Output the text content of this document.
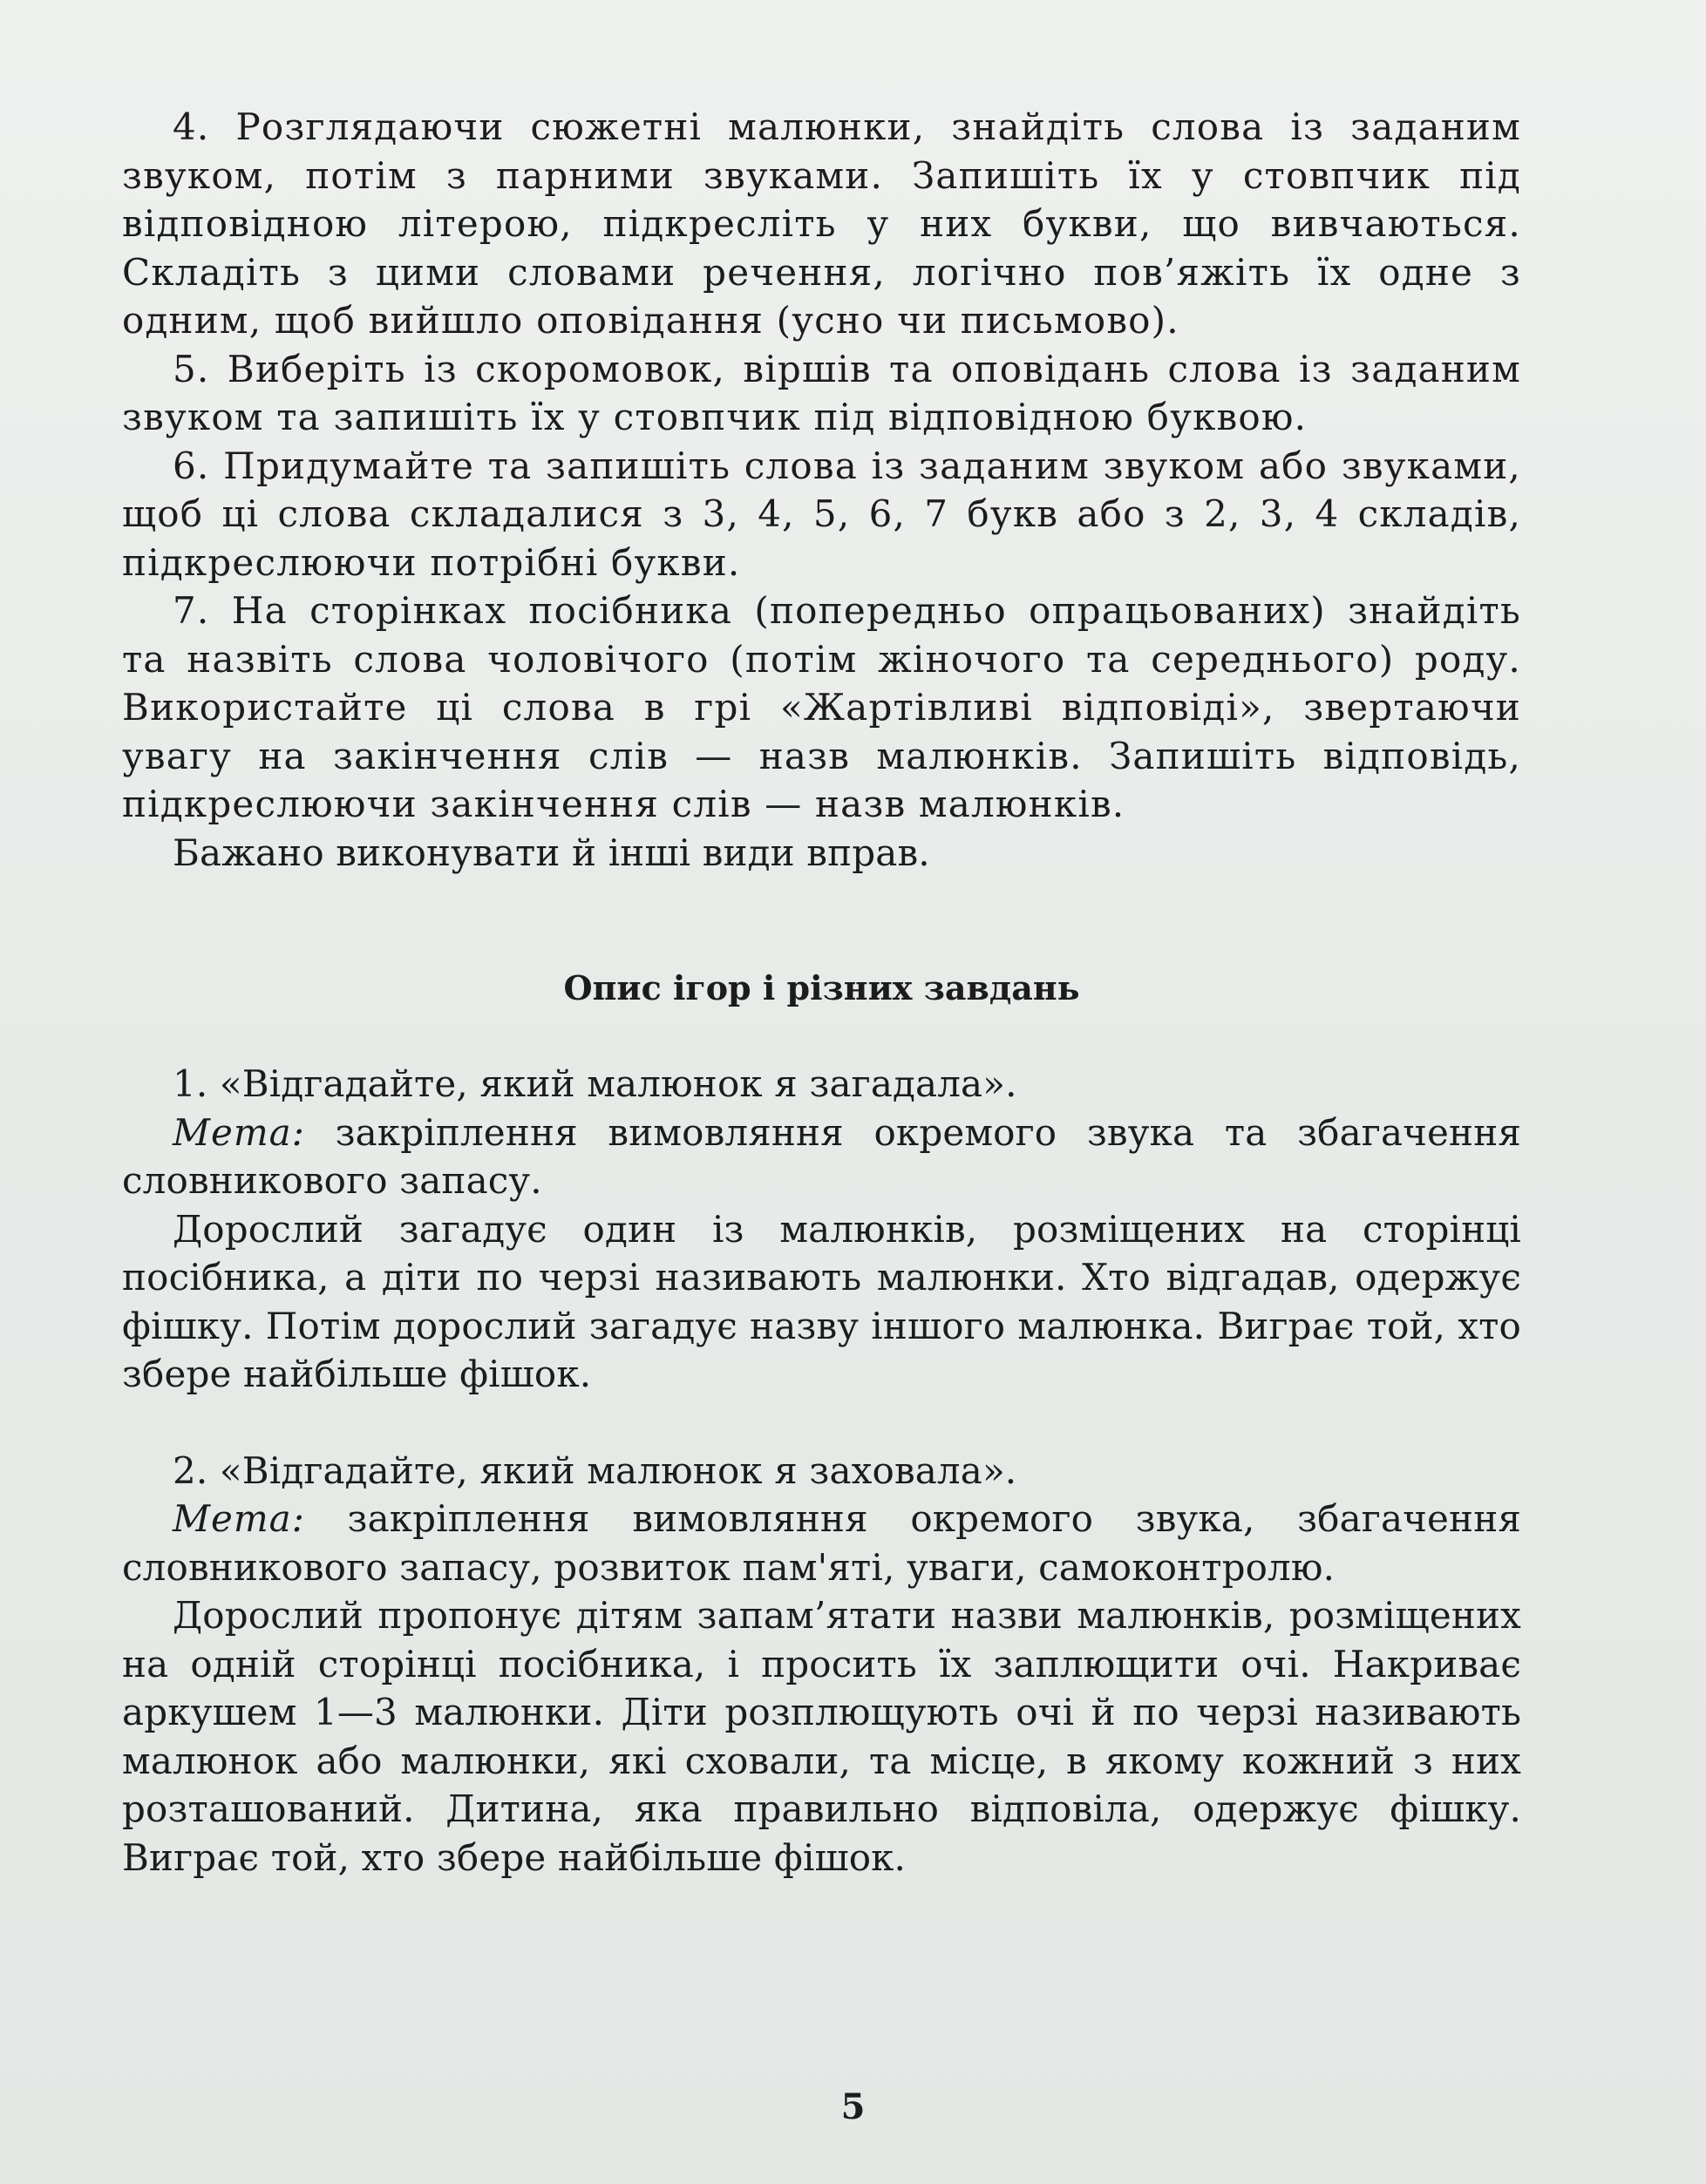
4. Розглядаючи сюжетні малюнки, знайдіть слова із заданим звуком, потім з парними звуками. Запишіть їх у стовпчик під відповідною літерою, підкресліть у них букви, що вивчаються. Складіть з цими словами речення, логічно пов’яжіть їх одне з одним, щоб вийшло оповідання (усно чи письмово).

5. Виберіть із скоромовок, віршів та оповідань слова із заданим звуком та запишіть їх у стовпчик під відповідною буквою.

6. Придумайте та запишіть слова із заданим звуком або звуками, щоб ці слова складалися з 3, 4, 5, 6, 7 букв або з 2, 3, 4 складів, підкреслюючи потрібні букви.

7. На сторінках посібника (попередньо опрацьованих) знайдіть та назвіть слова чоловічого (потім жіночого та середнього) роду. Використайте ці слова в грі «Жартівливі відповіді», звертаючи увагу на закінчення слів — назв малюнків. Запишіть відповідь, підкреслюючи закінчення слів — назв малюнків.

Бажано виконувати й інші види вправ.

Опис ігор і різних завдань

1. «Відгадайте, який малюнок я загадала».

Мета: закріплення вимовляння окремого звука та збагачення словникового запасу.

Дорослий загадує один із малюнків, розміщених на сторінці посібника, а діти по черзі називають малюнки. Хто відгадав, одержує фішку. Потім дорослий загадує назву іншого малюнка. Виграє той, хто збере найбільше фішок.

2. «Відгадайте, який малюнок я заховала».

Мета: закріплення вимовляння окремого звука, збагачення словникового запасу, розвиток пам'яті, уваги, самоконтролю.

Дорослий пропонує дітям запам’ятати назви малюнків, розміщених на одній сторінці посібника, і просить їх заплющити очі. Накриває аркушем 1—3 малюнки. Діти розплющують очі й по черзі називають малюнок або малюнки, які сховали, та місце, в якому кожний з них розташований. Дитина, яка правильно відповіла, одержує фішку. Виграє той, хто збере найбільше фішок.

5
